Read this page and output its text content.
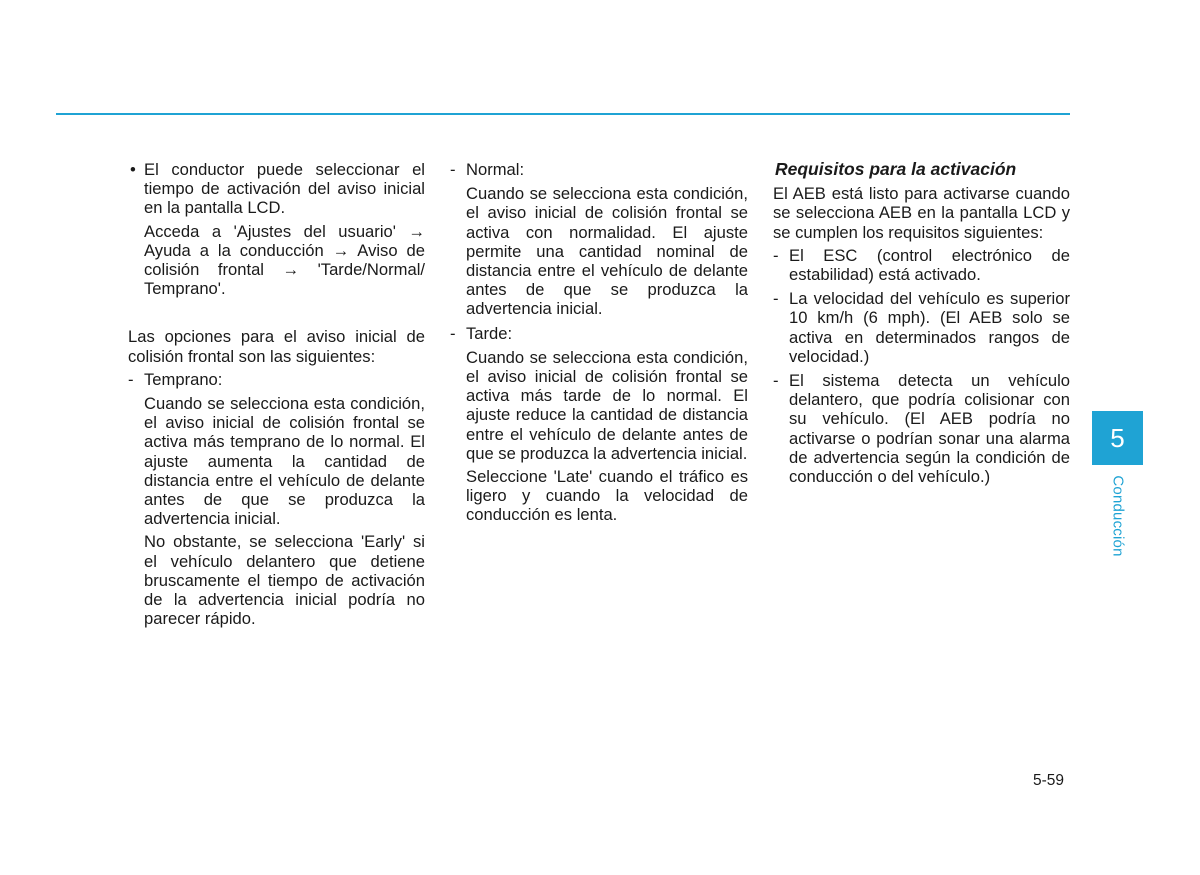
• El conductor puede seleccionar el tiempo de activación del aviso inicial en la pantalla LCD.

Acceda a 'Ajustes del usuario' → Ayuda a la conducción → Aviso de colisión frontal → 'Tarde/Normal/ Temprano'.

Las opciones para el aviso inicial de colisión frontal son las siguientes:

- Temprano:

Cuando se selecciona esta condición, el aviso inicial de colisión frontal se activa más temprano de lo normal. El ajuste aumenta la cantidad de distancia entre el vehículo de delante antes de que se produzca la advertencia inicial.

No obstante, se selecciona 'Early' si el vehículo delantero que detiene bruscamente el tiempo de activación de la advertencia inicial podría no parecer rápido.

- Normal:

Cuando se selecciona esta condición, el aviso inicial de colisión frontal se activa con normalidad. El ajuste permite una cantidad nominal de distancia entre el vehículo de delante antes de que se produzca la advertencia inicial.

- Tarde:

Cuando se selecciona esta condición, el aviso inicial de colisión frontal se activa más tarde de lo normal. El ajuste reduce la cantidad de distancia entre el vehículo de delante antes de que se produzca la advertencia inicial.

Seleccione 'Late' cuando el tráfico es ligero y cuando la velocidad de conducción es lenta.

Requisitos para la activación

El AEB está listo para activarse cuando se selecciona AEB en la pantalla LCD y se cumplen los requisitos siguientes:

- El ESC (control electrónico de estabilidad) está activado.
- La velocidad del vehículo es superior 10 km/h (6 mph). (El AEB solo se activa en determinados rangos de velocidad.)
- El sistema detecta un vehículo delantero, que podría colisionar con su vehículo. (El AEB podría no activarse o podrían sonar una alarma de advertencia según la condición de conducción o del vehículo.)
5
Conducción
5-59
